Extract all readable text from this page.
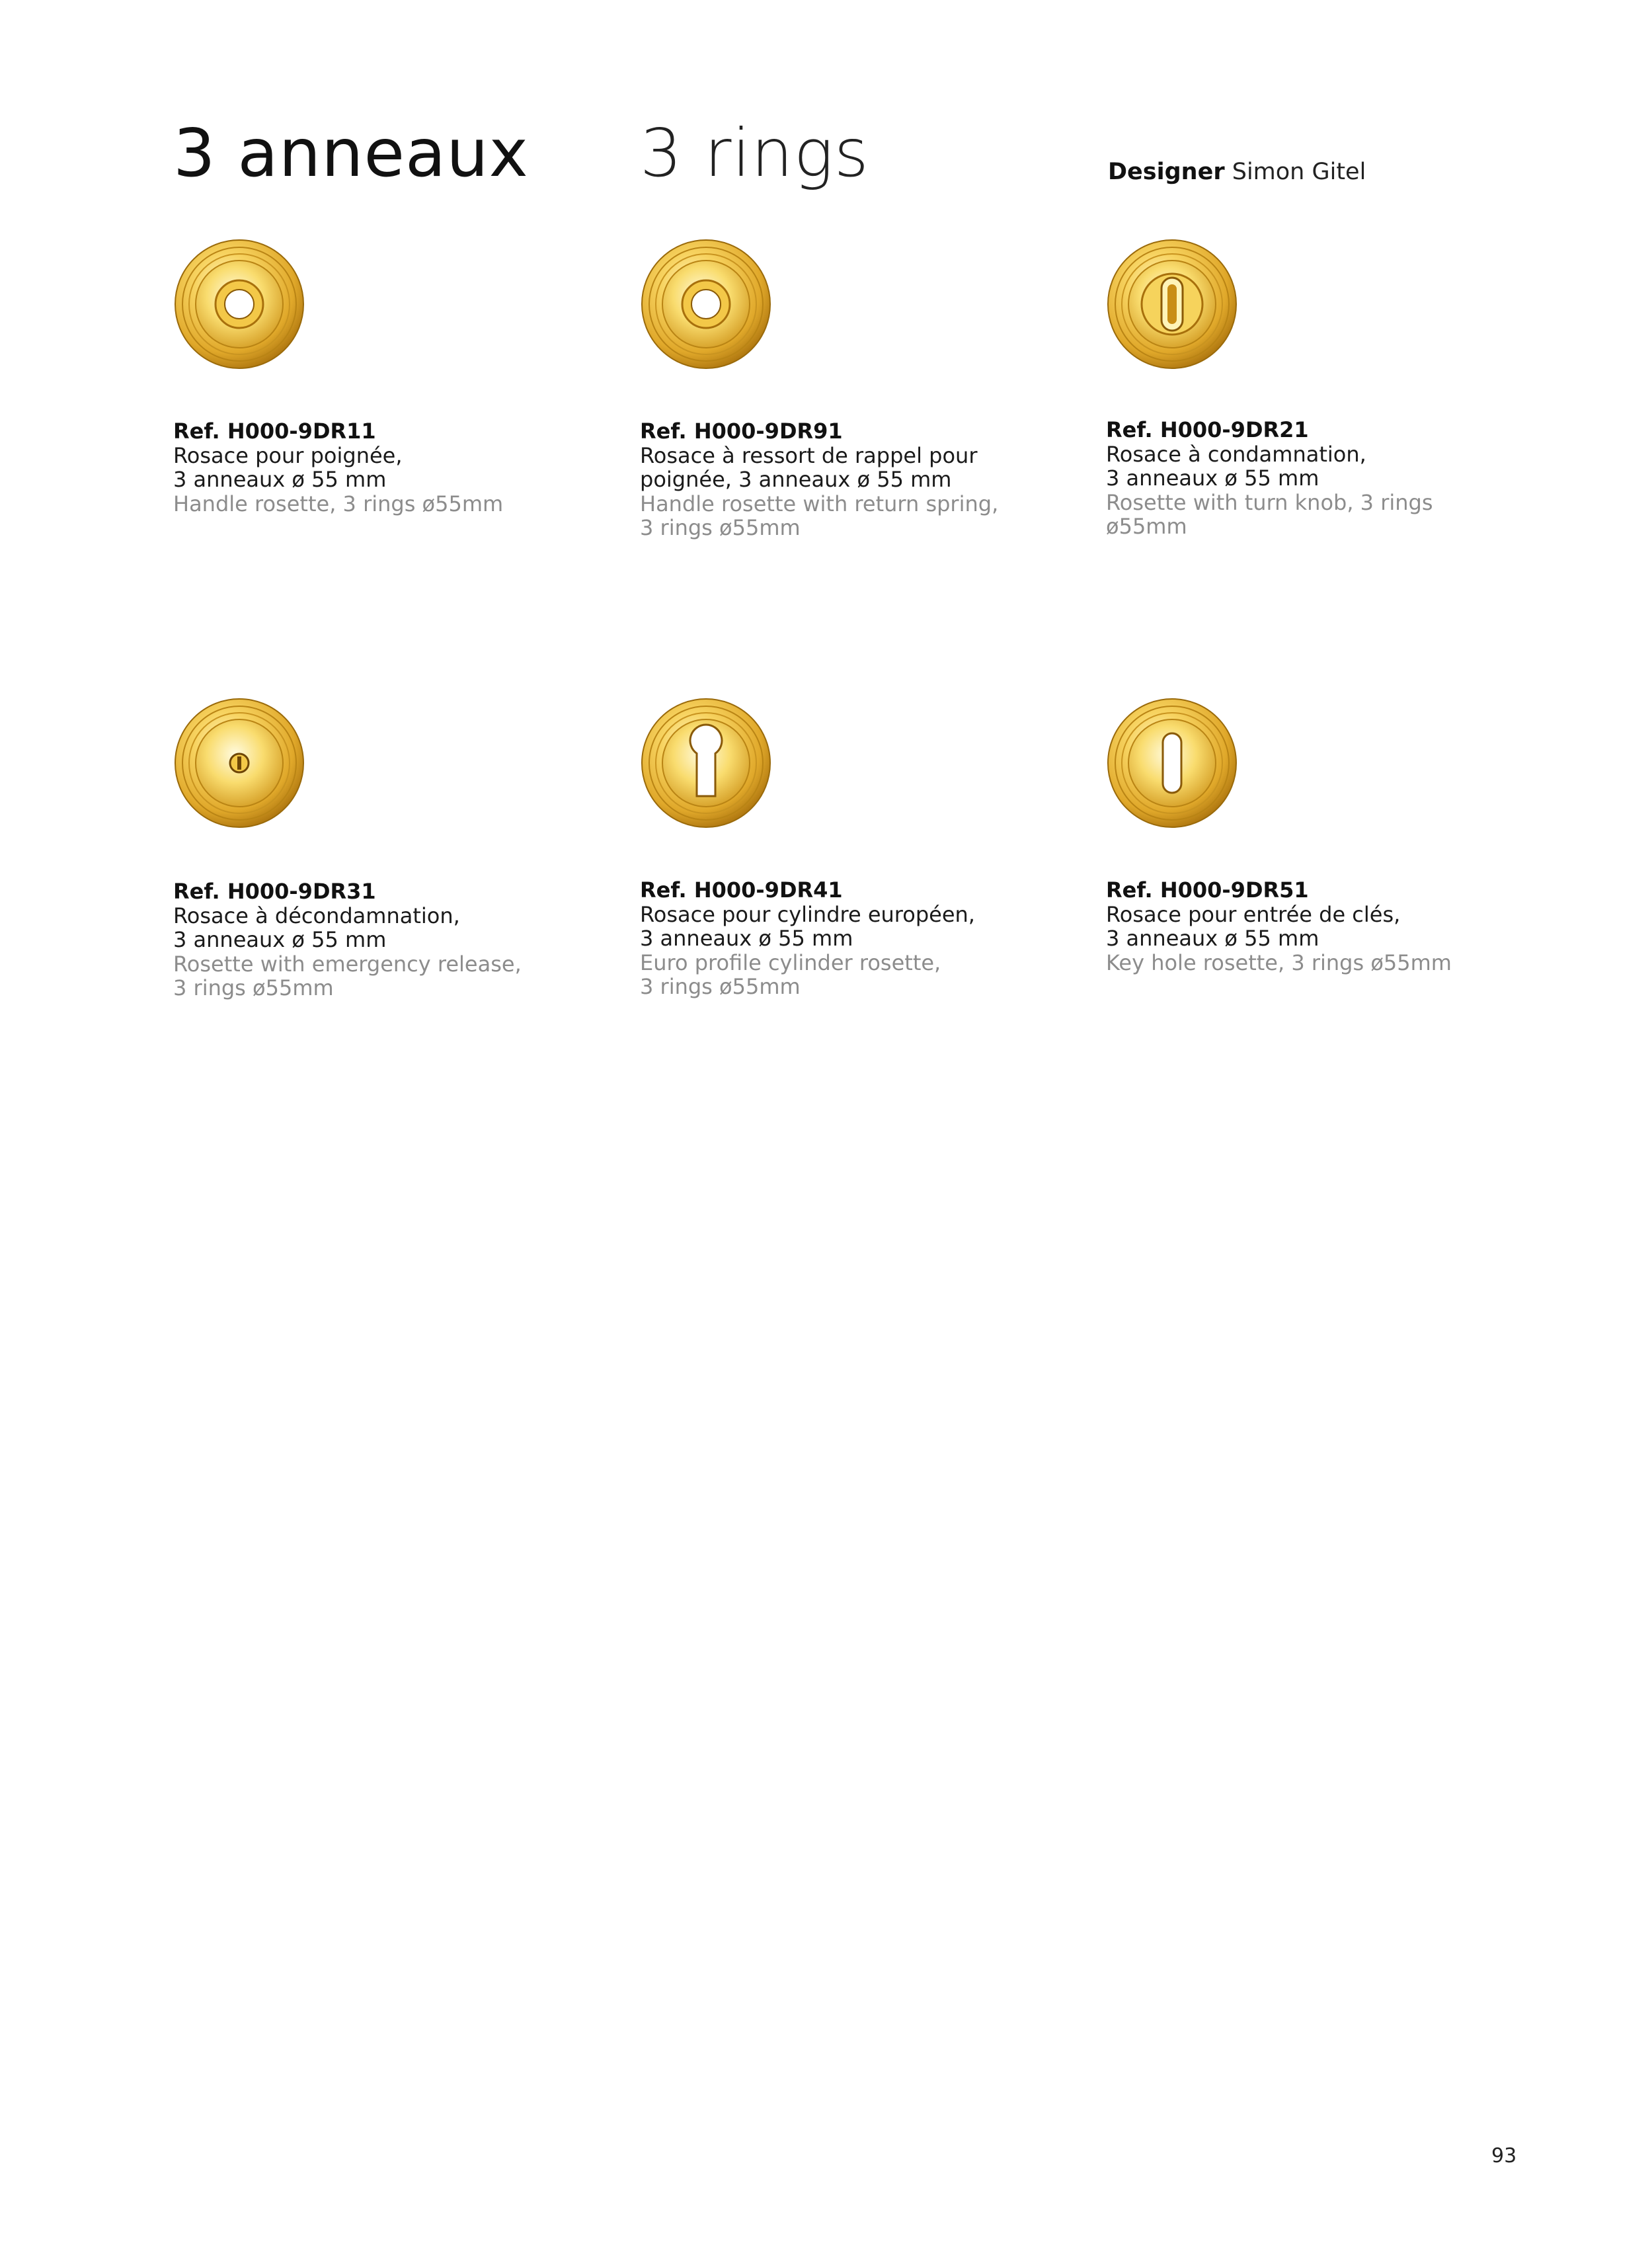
3 anneaux 3 rings	Designer Simon Gitel
Ref. H000-9DR11
Rosace pour poignée,
3 anneaux ø 55 mm
Handle rosette, 3 rings ø55mm
Ref. H000-9DR91
Rosace à ressort de rappel pour
poignée, 3 anneaux ø 55 mm
Handle rosette with return spring,
3 rings ø55mm
Ref. H000-9DR21
Rosace à condamnation,
3 anneaux ø 55 mm
Rosette with turn knob, 3 rings
ø55mm
Ref. H000-9DR31
Rosace à décondamnation,
3 anneaux ø 55 mm
Rosette with emergency release,
3 rings ø55mm
Ref. H000-9DR41
Rosace pour cylindre européen,
3 anneaux ø 55 mm
Euro profile cylinder rosette,
3 rings ø55mm
Ref. H000-9DR51
Rosace pour entrée de clés,
3 anneaux ø 55 mm
Key hole rosette, 3 rings ø55mm
93
